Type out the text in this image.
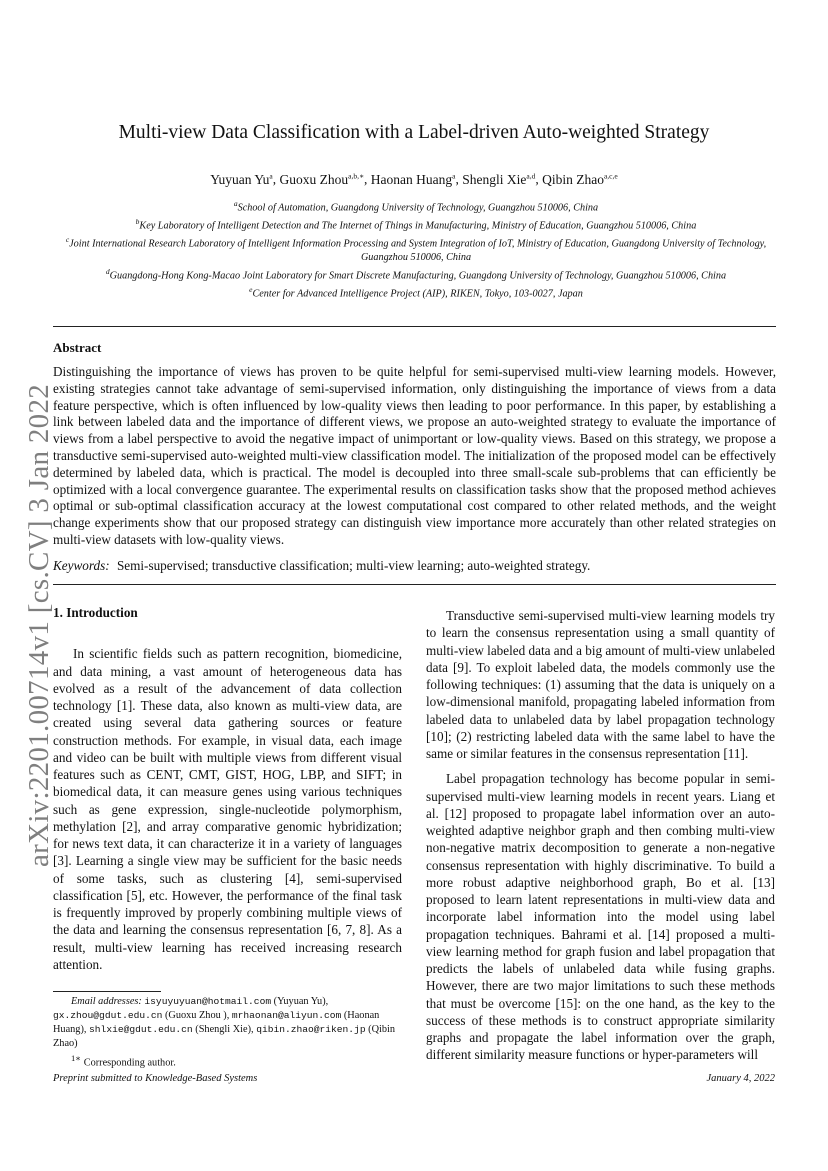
arXiv:2201.00714v1 [cs.CV] 3 Jan 2022
Multi-view Data Classification with a Label-driven Auto-weighted Strategy
Yuyuan Yu$^a$, Guoxu Zhou$^{a,b,∗}$, Haonan Huang$^a$, Shengli Xie$^{a,d}$, Qibin Zhao$^{a,c,e}$
$^a$School of Automation, Guangdong University of Technology, Guangzhou 510006, China
$^b$Key Laboratory of Intelligent Detection and The Internet of Things in Manufacturing, Ministry of Education, Guangzhou 510006, China
$^c$Joint International Research Laboratory of Intelligent Information Processing and System Integration of IoT, Ministry of Education, Guangdong University of Technology, Guangzhou 510006, China
$^d$Guangdong-Hong Kong-Macao Joint Laboratory for Smart Discrete Manufacturing, Guangdong University of Technology, Guangzhou 510006, China
$^e$Center for Advanced Intelligence Project (AIP), RIKEN, Tokyo, 103-0027, Japan
Abstract
Distinguishing the importance of views has proven to be quite helpful for semi-supervised multi-view learning models. However, existing strategies cannot take advantage of semi-supervised information, only distinguishing the importance of views from a data feature perspective, which is often influenced by low-quality views then leading to poor performance. In this paper, by establishing a link between labeled data and the importance of different views, we propose an auto-weighted strategy to evaluate the importance of views from a label perspective to avoid the negative impact of unimportant or low-quality views. Based on this strategy, we propose a transductive semi-supervised auto-weighted multi-view classification model. The initialization of the proposed model can be effectively determined by labeled data, which is practical. The model is decoupled into three small-scale sub-problems that can efficiently be optimized with a local convergence guarantee. The experimental results on classification tasks show that the proposed method achieves optimal or sub-optimal classification accuracy at the lowest computational cost compared to other related methods, and the weight change experiments show that our proposed strategy can distinguish view importance more accurately than other related strategies on multi-view datasets with low-quality views.
Keywords: Semi-supervised; transductive classification; multi-view learning; auto-weighted strategy.
1. Introduction

In scientific fields such as pattern recognition, biomedicine, and data mining, a vast amount of heterogeneous data has evolved as a result of the advancement of data collection technology [1]. These data, also known as multi-view data, are created using several data gathering sources or feature construction methods. For example, in visual data, each image and video can be built with multiple views from different visual features such as CENT, CMT, GIST, HOG, LBP, and SIFT; in biomedical data, it can measure genes using various techniques such as gene expression, single-nucleotide polymorphism, methylation [2], and array comparative genomic hybridization; for news text data, it can characterize it in a variety of languages [3]. Learning a single view may be sufficient for the basic needs of some tasks, such as clustering [4], semi-supervised classification [5], etc. However, the performance of the final task is frequently improved by properly combining multiple views of the data and learning the consensus representation [6, 7, 8]. As a result, multi-view learning has received increasing research attention.

Transductive semi-supervised multi-view learning models try to learn the consensus representation using a small quantity of multi-view labeled data and a big amount of multi-view unlabeled data [9]. To exploit labeled data, the models commonly use the following techniques: (1) assuming that the data is uniquely on a low-dimensional manifold, propagating labeled information from labeled data to unlabeled data by label propagation technology [10]; (2) restricting labeled data with the same label to have the same or similar features in the consensus representation [11].

Label propagation technology has become popular in semi-supervised multi-view learning models in recent years. Liang et al. [12] proposed to propagate label information over an auto-weighted adaptive neighbor graph and then combing multi-view non-negative matrix decomposition to generate a non-negative consensus representation with highly discriminative. To build a more robust adaptive neighborhood graph, Bo et al. [13] proposed to learn latent representations in multi-view data and incorporate label information into the model using label propagation techniques. Bahrami et al. [14] proposed a multi-view learning method for graph fusion and label propagation that predicts the labels of unlabeled data while fusing graphs. However, there are two major limitations to such these methods that must be overcome [15]: on the one hand, as the key to the success of these methods is to construct appropriate similarity graphs and propagate the label information over the graph, different similarity measure functions or hyper-parameters will

Email addresses: isyuyuyuan@hotmail.com (Yuyuan Yu), gx.zhou@gdut.edu.cn (Guoxu Zhou ), mrhaonan@aliyun.com (Haonan Huang), shlxie@gdut.edu.cn (Shengli Xie), qibin.zhao@riken.jp (Qibin Zhao)

$^{1∗}$ Corresponding author.

Preprint submitted to Knowledge-Based Systems	January 4, 2022
